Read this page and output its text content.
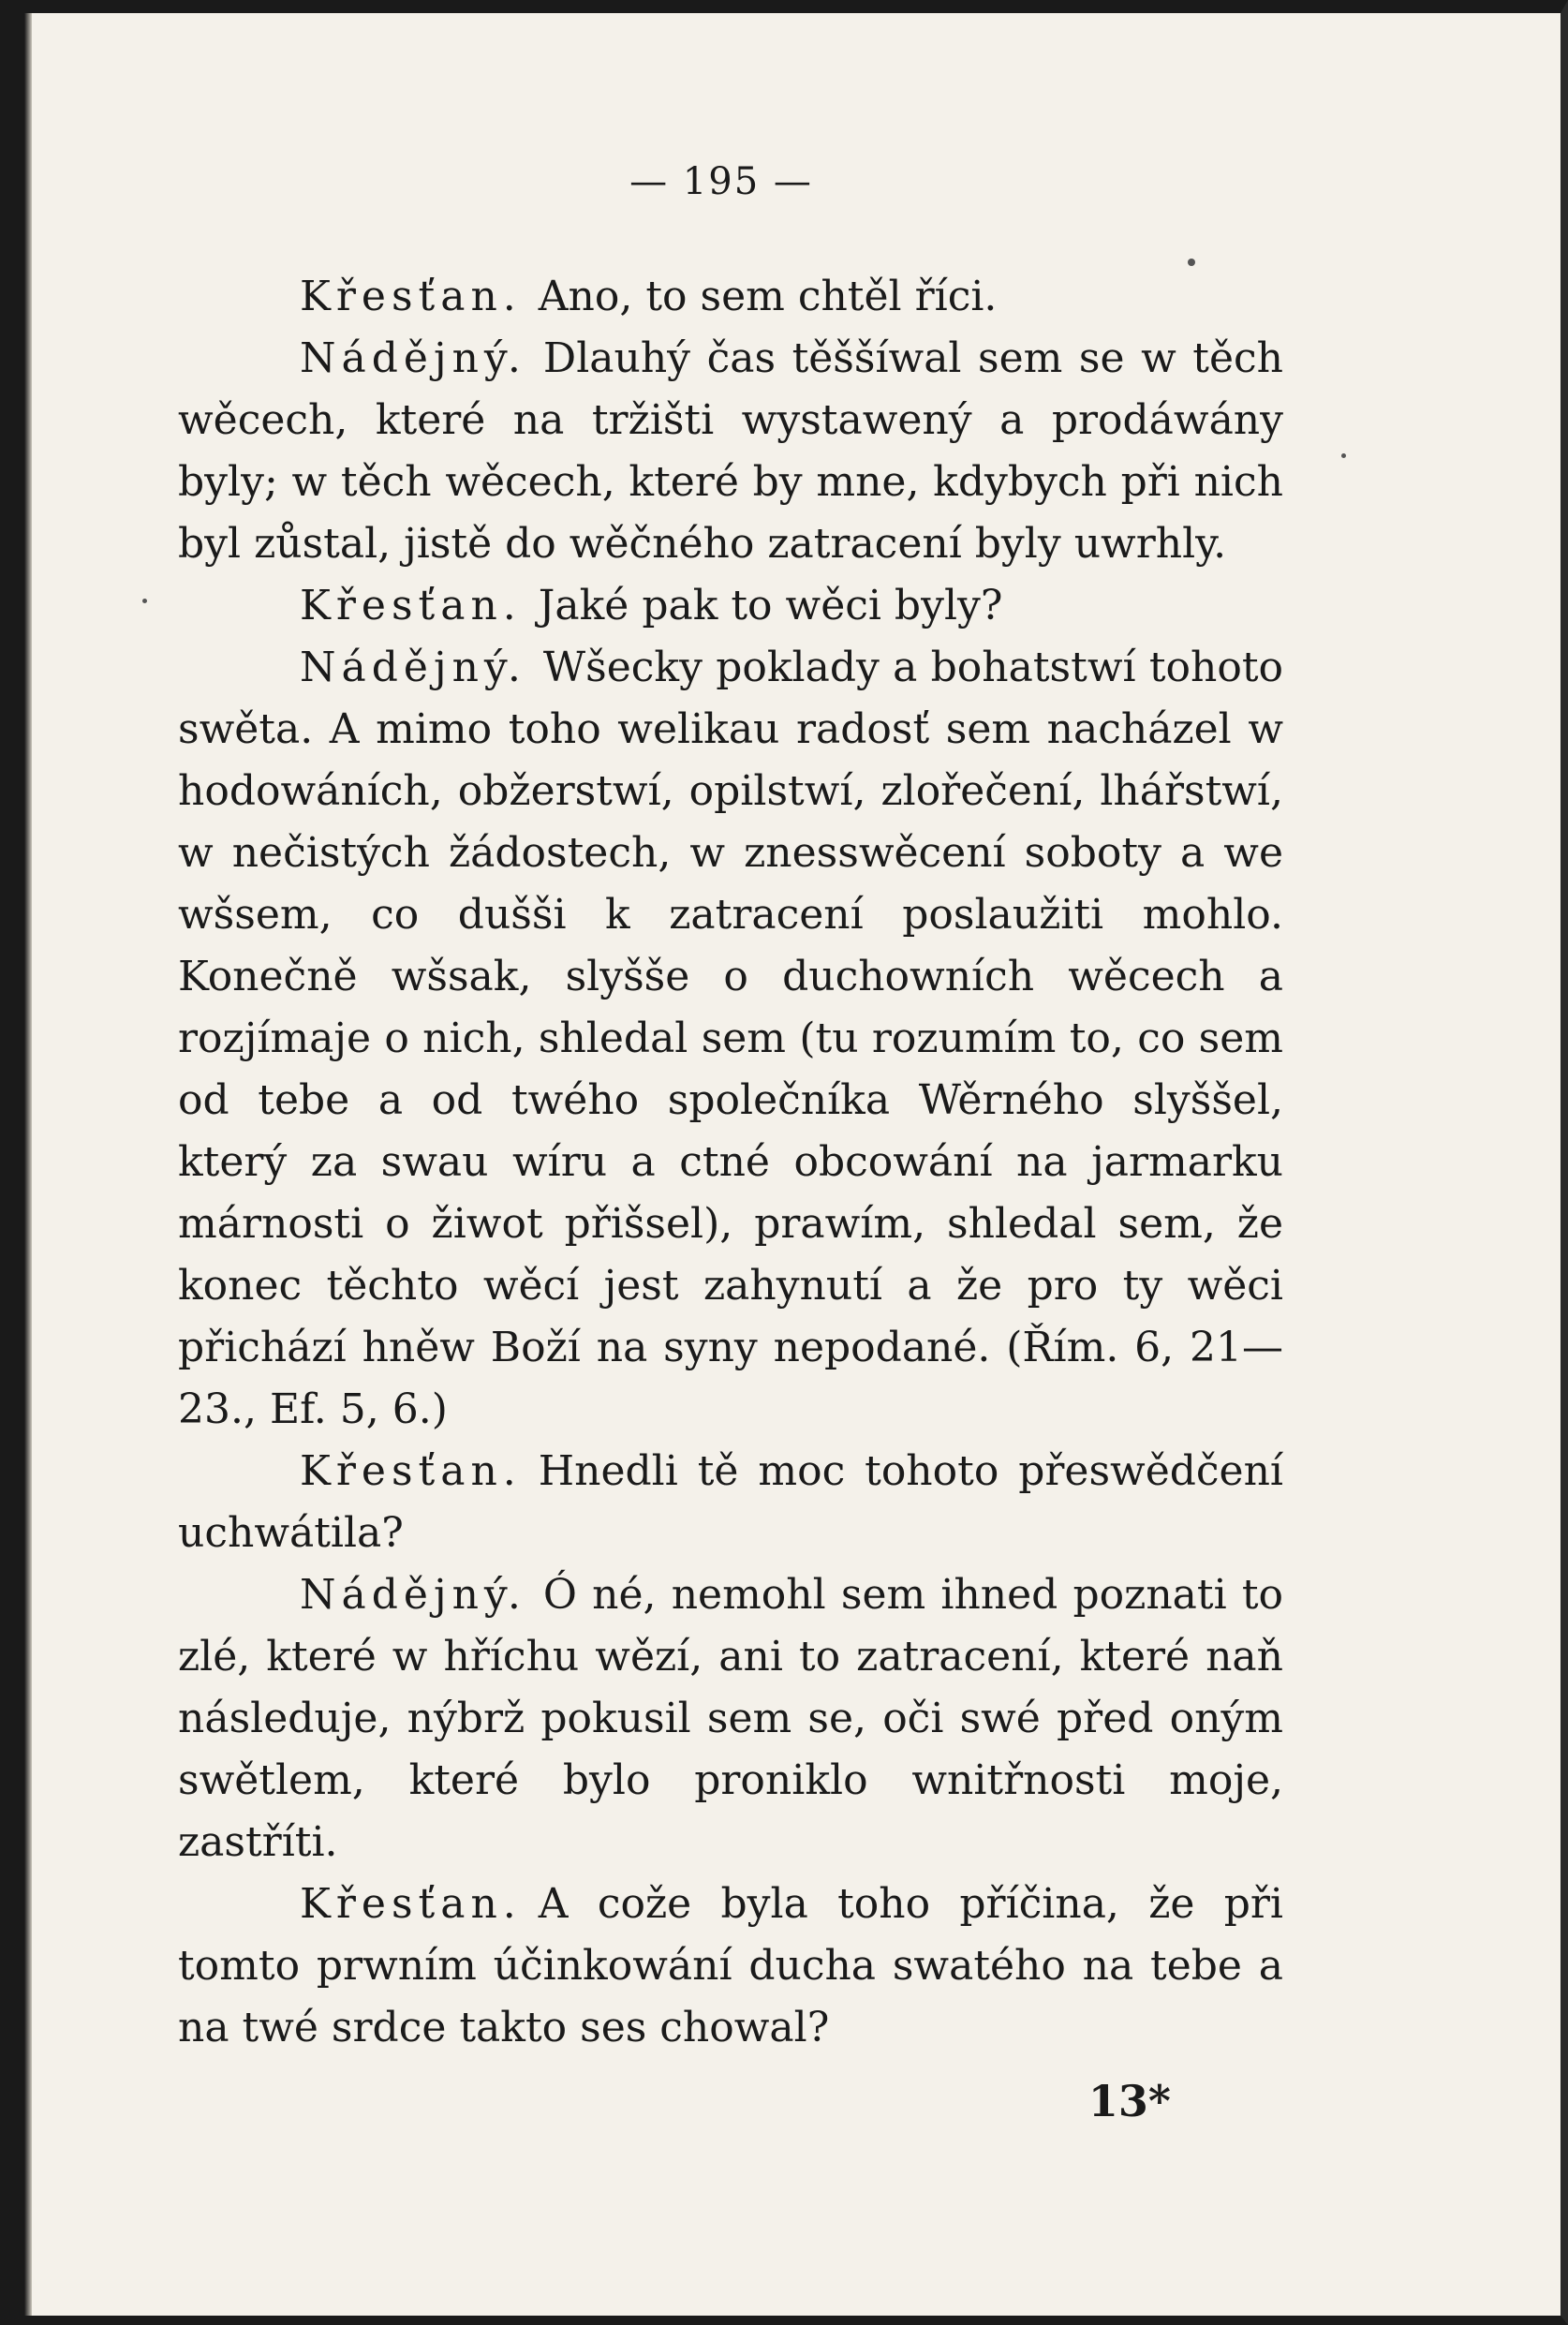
— 195 —

Křesťan. Ano, to sem chtěl říci.

Nádějný. Dlauhý čas těššíwal sem se w těch wěcech, které na tržišti wystawený a prodáwány byly; w těch wěcech, které by mne, kdybych při nich byl zůstal, jistě do wěčného zatracení byly uwrhly.

Křesťan. Jaké pak to wěci byly?

Nádějný. Wšecky poklady a bohatstwí tohoto swěta. A mimo toho welikau radosť sem nacházel w hodowáních, obžerstwí, opilstwí, zlořečení, lhářstwí, w nečistých žádostech, w znesswěcení soboty a we wšsem, co dušši k zatracení poslaužiti mohlo. Konečně wšsak, slyšše o duchowních wěcech a rozjímaje o nich, shledal sem (tu rozumím to, co sem od tebe a od twého společníka Wěrného slyššel, který za swau wíru a ctné obcowání na jarmarku márnosti o žiwot přišsel), prawím, shledal sem, že konec těchto wěcí jest zahynutí a že pro ty wěci přichází hněw Boží na syny nepodané. (Řím. 6, 21—23., Ef. 5, 6.)

Křesťan. Hnedli tě moc tohoto přeswědčení uchwátila?

Nádějný. Ó né, nemohl sem ihned poznati to zlé, které w hříchu wězí, ani to zatracení, které naň následuje, nýbrž pokusil sem se, oči swé před oným swětlem, které bylo proniklo wnitřnosti moje, zastříti.

Křesťan. A cože byla toho příčina, že při tomto prwním účinkowání ducha swatého na tebe a na twé srdce takto ses chowal?

13*
